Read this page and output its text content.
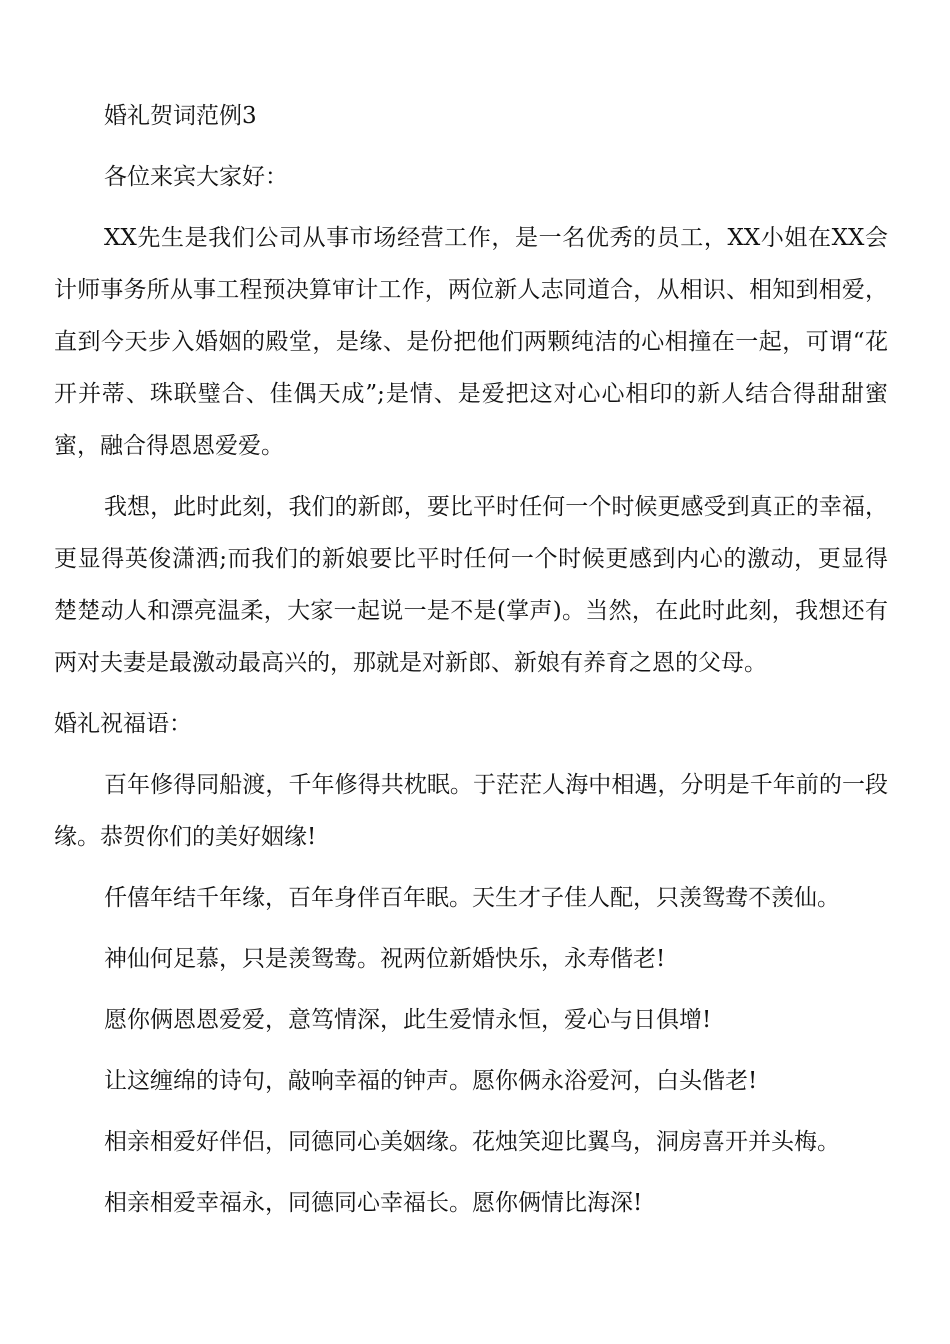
婚礼贺词范例3

各位来宾大家好：

XX先生是我们公司从事市场经营工作，是一名优秀的员工，XX小姐在XX会计师事务所从事工程预决算审计工作，两位新人志同道合，从相识、相知到相爱，直到今天步入婚姻的殿堂，是缘、是份把他们两颗纯洁的心相撞在一起，可谓“花开并蒂、珠联璧合、佳偶天成”;是情、是爱把这对心心相印的新人结合得甜甜蜜蜜，融合得恩恩爱爱。

我想，此时此刻，我们的新郎，要比平时任何一个时候更感受到真正的幸福，更显得英俊潇洒;而我们的新娘要比平时任何一个时候更感到内心的激动，更显得楚楚动人和漂亮温柔，大家一起说一是不是(掌声)。当然，在此时此刻，我想还有两对夫妻是最激动最高兴的，那就是对新郎、新娘有养育之恩的父母。

婚礼祝福语：

百年修得同船渡，千年修得共枕眠。于茫茫人海中相遇，分明是千年前的一段缘。恭贺你们的美好姻缘!

仟僖年结千年缘，百年身伴百年眠。天生才子佳人配，只羡鸳鸯不羡仙。

神仙何足慕，只是羡鸳鸯。祝两位新婚快乐，永寿偕老!

愿你俩恩恩爱爱，意笃情深，此生爱情永恒，爱心与日俱增!

让这缠绵的诗句，敲响幸福的钟声。愿你俩永浴爱河，白头偕老!

相亲相爱好伴侣，同德同心美姻缘。花烛笑迎比翼鸟，洞房喜开并头梅。

相亲相爱幸福永，同德同心幸福长。愿你俩情比海深!
